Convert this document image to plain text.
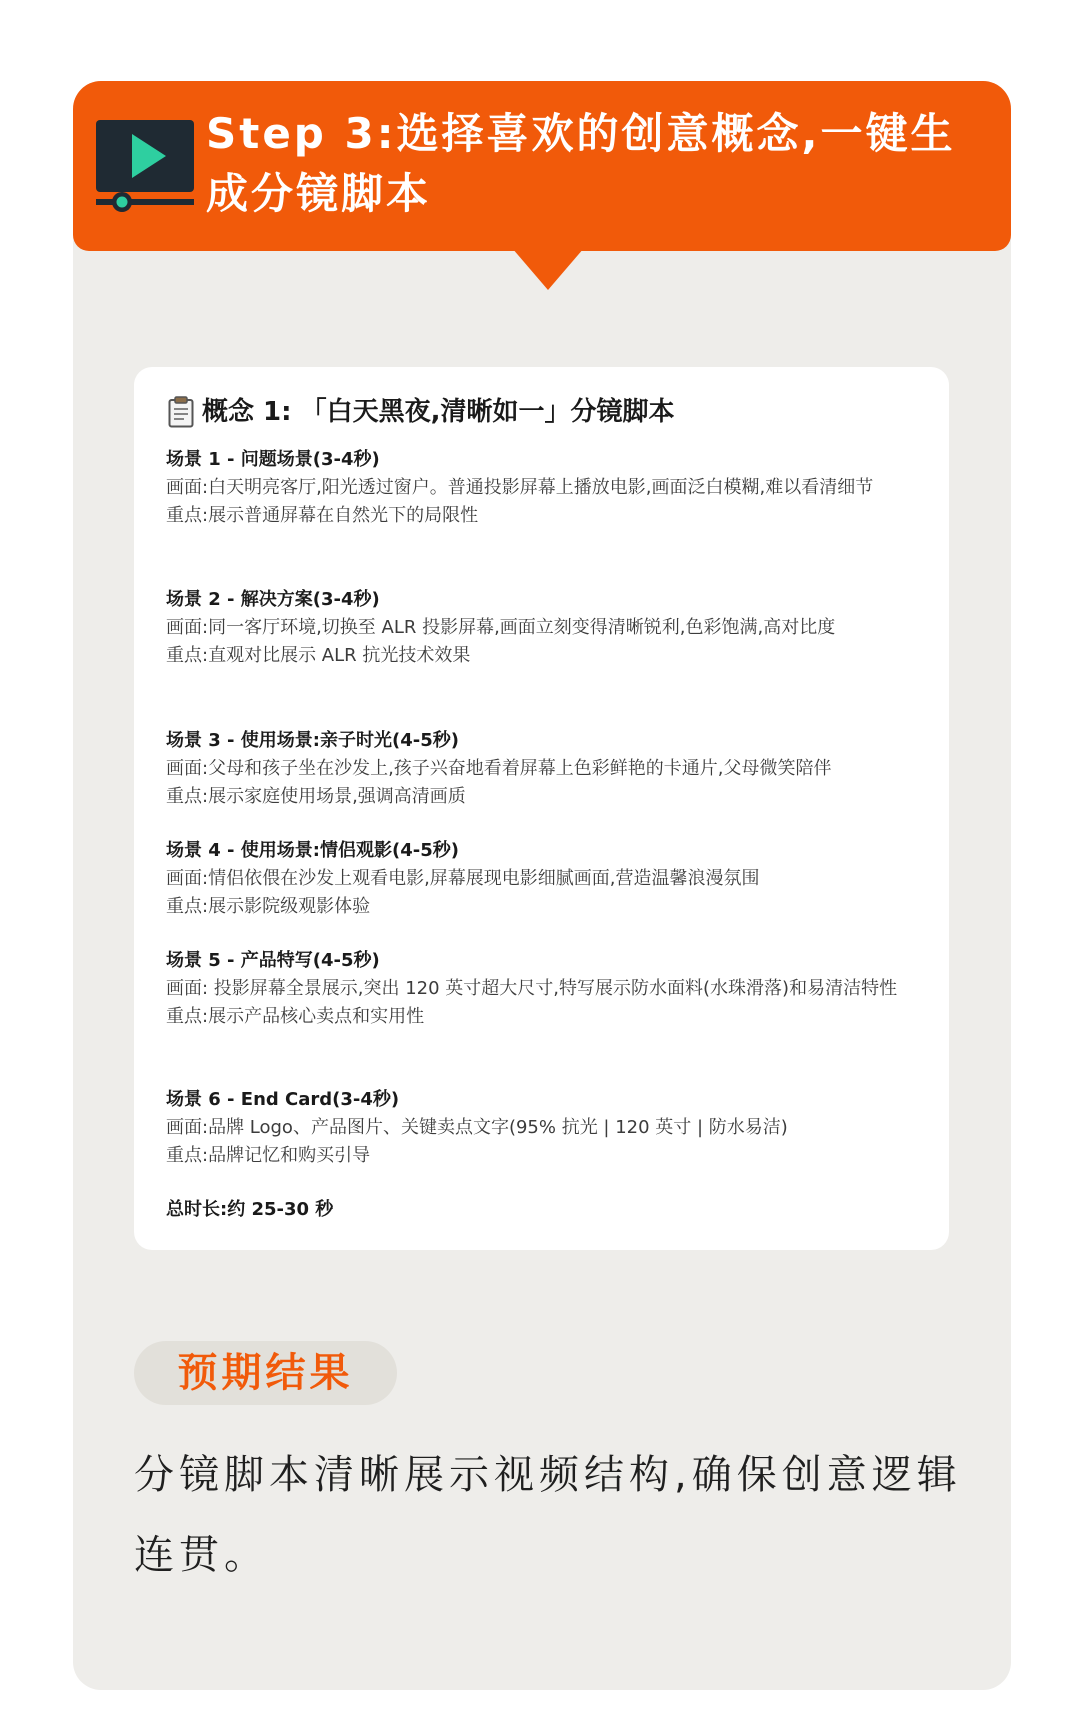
Step 3:选择喜欢的创意概念,一键生成分镜脚本
概念 1: 「白天黑夜,清晰如一」分镜脚本
场景 1 - 问题场景(3-4秒)
画面:白天明亮客厅,阳光透过窗户。普通投影屏幕上播放电影,画面泛白模糊,难以看清细节
重点:展示普通屏幕在自然光下的局限性
场景 2 - 解决方案(3-4秒)
画面:同一客厅环境,切换至 ALR 投影屏幕,画面立刻变得清晰锐利,色彩饱满,高对比度
重点:直观对比展示 ALR 抗光技术效果
场景 3 - 使用场景:亲子时光(4-5秒)
画面:父母和孩子坐在沙发上,孩子兴奋地看着屏幕上色彩鲜艳的卡通片,父母微笑陪伴
重点:展示家庭使用场景,强调高清画质
场景 4 - 使用场景:情侣观影(4-5秒)
画面:情侣依偎在沙发上观看电影,屏幕展现电影细腻画面,营造温馨浪漫氛围
重点:展示影院级观影体验
场景 5 - 产品特写(4-5秒)
画面: 投影屏幕全景展示,突出 120 英寸超大尺寸,特写展示防水面料(水珠滑落)和易清洁特性
重点:展示产品核心卖点和实用性
场景 6 - End Card(3-4秒)
画面:品牌 Logo、产品图片、关键卖点文字(95% 抗光 | 120 英寸 | 防水易洁)
重点:品牌记忆和购买引导
总时长:约 25-30 秒
预期结果
分镜脚本清晰展示视频结构,确保创意逻辑连贯。
